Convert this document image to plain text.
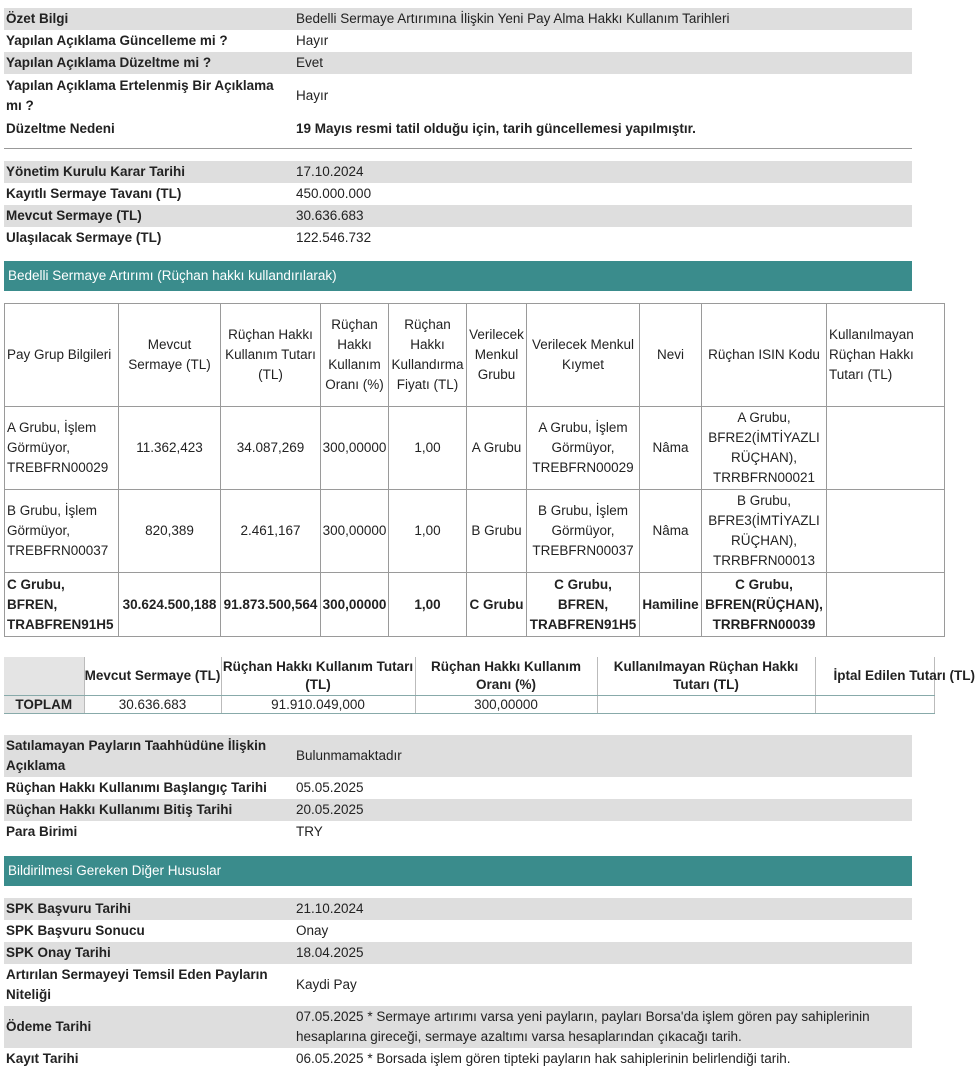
Özet Bilgi	Bedelli Sermaye Artırımına İlişkin Yeni Pay Alma Hakkı Kullanım Tarihleri
Yapılan Açıklama Güncelleme mi ?	Hayır
Yapılan Açıklama Düzeltme mi ?	Evet
Yapılan Açıklama Ertelenmiş Bir Açıklama mı ?	Hayır
Düzeltme Nedeni	19 Mayıs resmi tatil olduğu için, tarih güncellemesi yapılmıştır.
Yönetim Kurulu Karar Tarihi	17.10.2024
Kayıtlı Sermaye Tavanı (TL)	450.000.000
Mevcut Sermaye (TL)	30.636.683
Ulaşılacak Sermaye (TL)	122.546.732
Bedelli Sermaye Artırımı (Rüçhan hakkı kullandırılarak)
Pay Grup Bilgileri	Mevcut Sermaye (TL)	Rüçhan Hakkı Kullanım Tutarı (TL)	Rüçhan Hakkı Kullanım Oranı (%)	Rüçhan Hakkı Kullandırma Fiyatı (TL)	Verilecek Menkul Grubu	Verilecek Menkul Kıymet	Nevi	Rüçhan ISIN Kodu	Kullanılmayan Rüçhan Hakkı Tutarı (TL)
A Grubu, İşlem Görmüyor, TREBFRN00029	11.362,423	34.087,269	300,00000	1,00	A Grubu	A Grubu, İşlem Görmüyor, TREBFRN00029	Nâma	A Grubu, BFRE2(İMTİYAZLI RÜÇHAN), TRRBFRN00021	
B Grubu, İşlem Görmüyor, TREBFRN00037	820,389	2.461,167	300,00000	1,00	B Grubu	B Grubu, İşlem Görmüyor, TREBFRN00037	Nâma	B Grubu, BFRE3(İMTİYAZLI RÜÇHAN), TRRBFRN00013	
C Grubu, BFREN, TRABFREN91H5	30.624.500,188	91.873.500,564	300,00000	1,00	C Grubu	C Grubu, BFREN, TRABFREN91H5	Hamiline	C Grubu, BFREN(RÜÇHAN), TRRBFRN00039	
	Mevcut Sermaye (TL)	Rüçhan Hakkı Kullanım Tutarı (TL)	Rüçhan Hakkı Kullanım Oranı (%)	Kullanılmayan Rüçhan Hakkı Tutarı (TL)	İptal Edilen Tutarı (TL)
TOPLAM	30.636.683	91.910.049,000	300,00000		
Satılamayan Payların Taahhüdüne İlişkin Açıklama	Bulunmamaktadır
Rüçhan Hakkı Kullanımı Başlangıç Tarihi	05.05.2025
Rüçhan Hakkı Kullanımı Bitiş Tarihi	20.05.2025
Para Birimi	TRY
Bildirilmesi Gereken Diğer Hususlar
SPK Başvuru Tarihi	21.10.2024
SPK Başvuru Sonucu	Onay
SPK Onay Tarihi	18.04.2025
Artırılan Sermayeyi Temsil Eden Payların Niteliği	Kaydi Pay
Ödeme Tarihi	07.05.2025 * Sermaye artırımı varsa yeni payların, payları Borsa'da işlem gören pay sahiplerinin hesaplarına gireceği, sermaye azaltımı varsa hesaplarından çıkacağı tarih.
Kayıt Tarihi	06.05.2025 * Borsada işlem gören tipteki payların hak sahiplerinin belirlendiği tarih.
